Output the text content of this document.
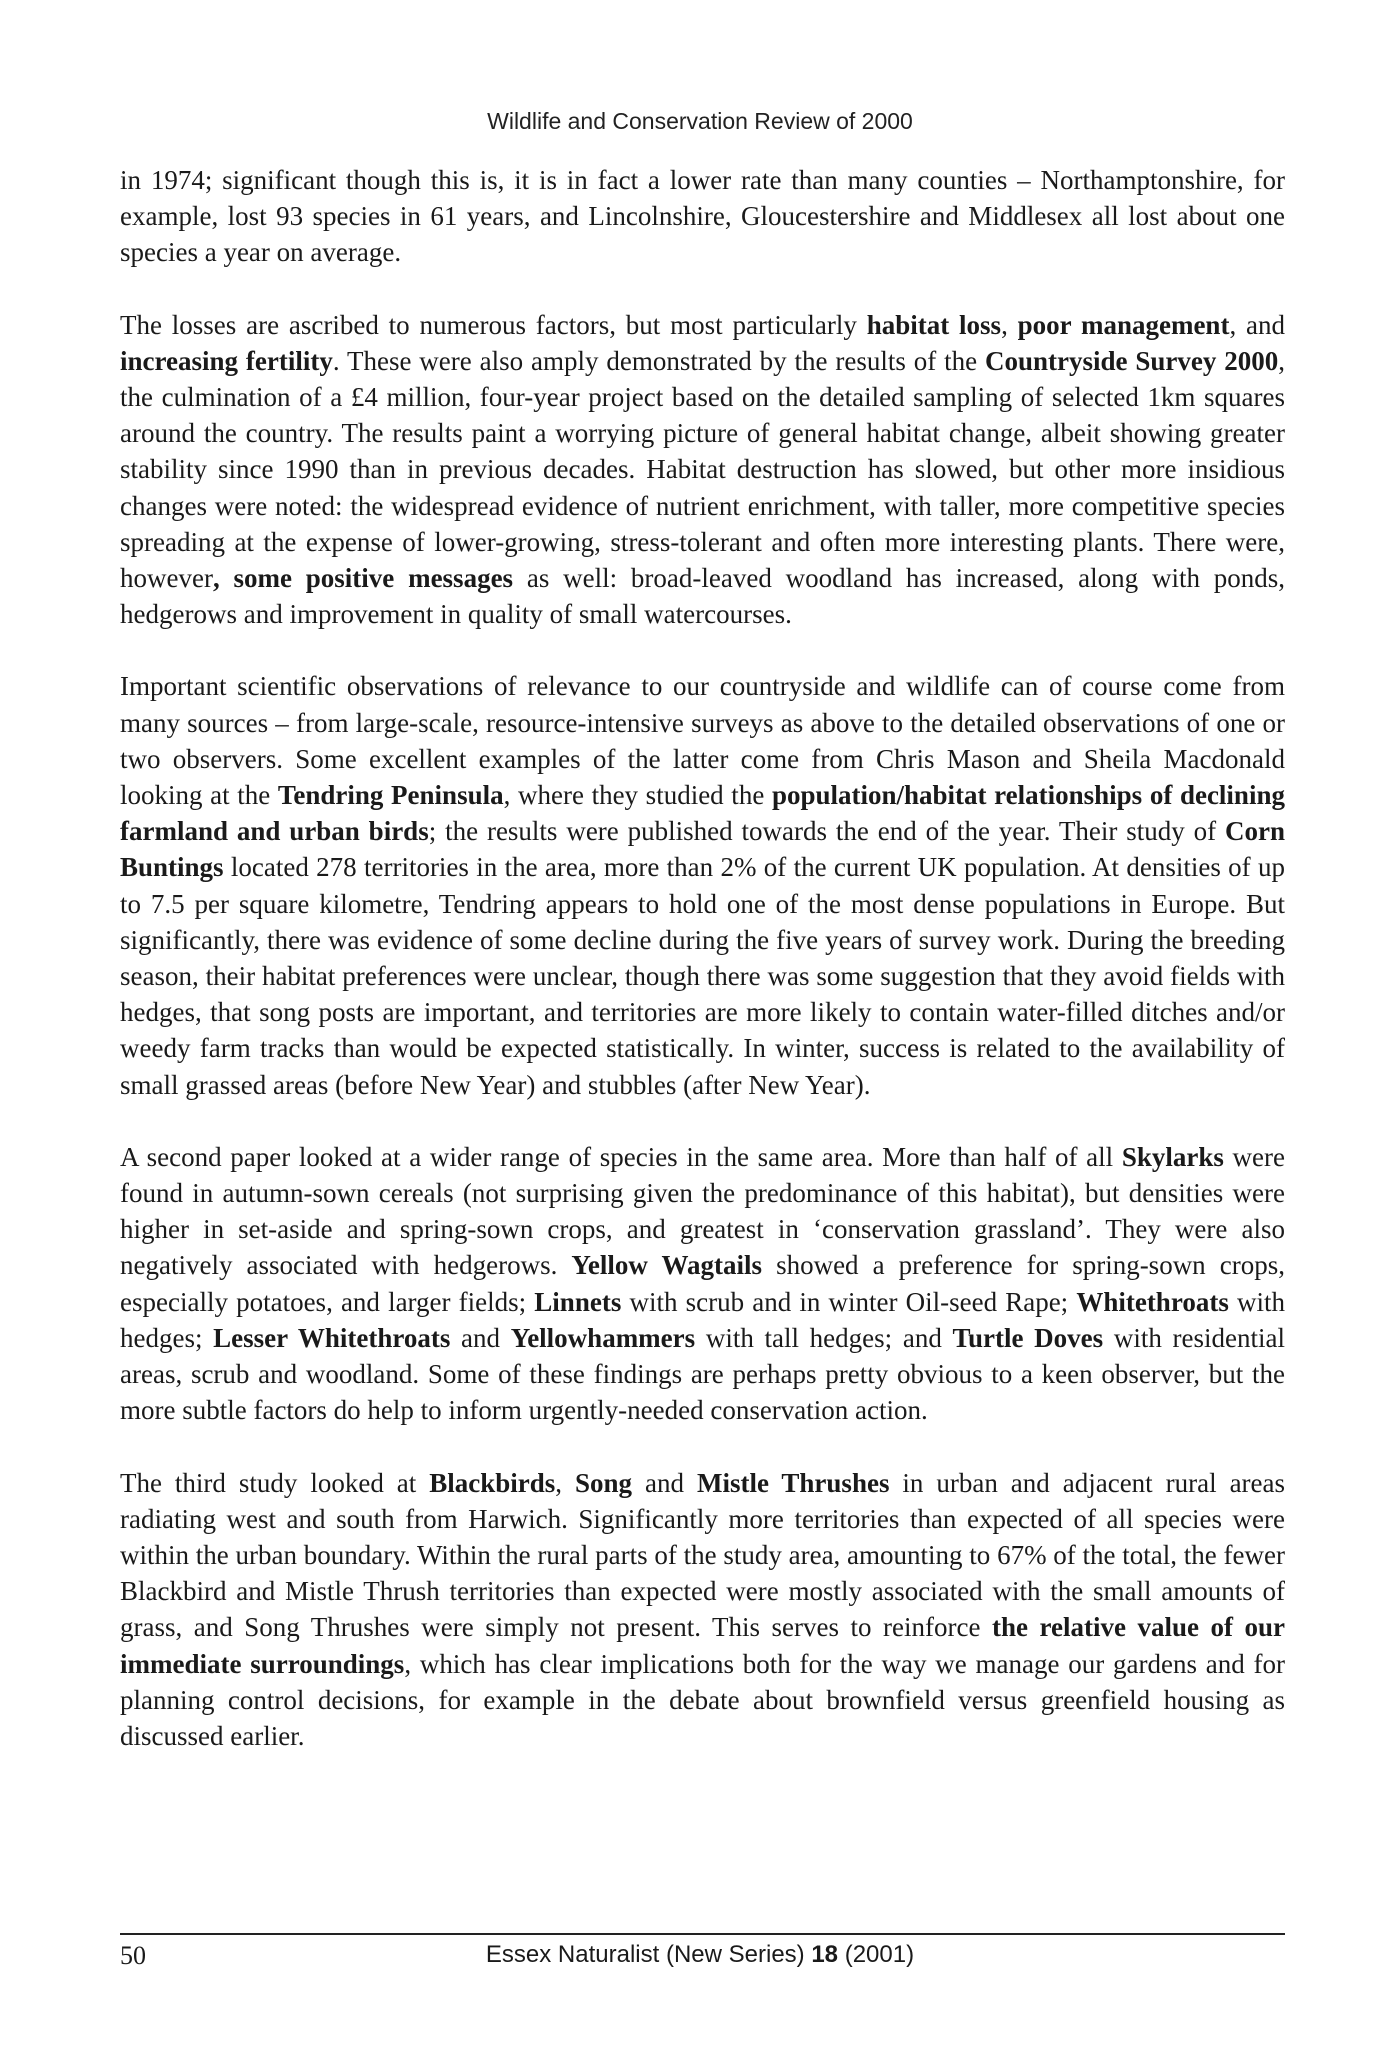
Wildlife and Conservation Review of 2000

in 1974; significant though this is, it is in fact a lower rate than many counties – Northamptonshire, for example, lost 93 species in 61 years, and Lincolnshire, Gloucestershire and Middlesex all lost about one species a year on average.

The losses are ascribed to numerous factors, but most particularly habitat loss, poor management, and increasing fertility. These were also amply demonstrated by the results of the Countryside Survey 2000, the culmination of a £4 million, four-year project based on the detailed sampling of selected 1km squares around the country. The results paint a worrying picture of general habitat change, albeit showing greater stability since 1990 than in previous decades. Habitat destruction has slowed, but other more insidious changes were noted: the widespread evidence of nutrient enrichment, with taller, more competitive species spreading at the expense of lower-growing, stress-tolerant and often more interesting plants. There were, however, some positive messages as well: broad-leaved woodland has increased, along with ponds, hedgerows and improvement in quality of small watercourses.

Important scientific observations of relevance to our countryside and wildlife can of course come from many sources – from large-scale, resource-intensive surveys as above to the detailed observations of one or two observers. Some excellent examples of the latter come from Chris Mason and Sheila Macdonald looking at the Tendring Peninsula, where they studied the population/habitat relationships of declining farmland and urban birds; the results were published towards the end of the year. Their study of Corn Buntings located 278 territories in the area, more than 2% of the current UK population. At densities of up to 7.5 per square kilometre, Tendring appears to hold one of the most dense populations in Europe. But significantly, there was evidence of some decline during the five years of survey work. During the breeding season, their habitat preferences were unclear, though there was some suggestion that they avoid fields with hedges, that song posts are important, and territories are more likely to contain water-filled ditches and/or weedy farm tracks than would be expected statistically. In winter, success is related to the availability of small grassed areas (before New Year) and stubbles (after New Year).

A second paper looked at a wider range of species in the same area. More than half of all Skylarks were found in autumn-sown cereals (not surprising given the predominance of this habitat), but densities were higher in set-aside and spring-sown crops, and greatest in ‘conservation grassland’. They were also negatively associated with hedgerows. Yellow Wagtails showed a preference for spring-sown crops, especially potatoes, and larger fields; Linnets with scrub and in winter Oil-seed Rape; Whitethroats with hedges; Lesser Whitethroats and Yellowhammers with tall hedges; and Turtle Doves with residential areas, scrub and woodland. Some of these findings are perhaps pretty obvious to a keen observer, but the more subtle factors do help to inform urgently-needed conservation action.

The third study looked at Blackbirds, Song and Mistle Thrushes in urban and adjacent rural areas radiating west and south from Harwich. Significantly more territories than expected of all species were within the urban boundary. Within the rural parts of the study area, amounting to 67% of the total, the fewer Blackbird and Mistle Thrush territories than expected were mostly associated with the small amounts of grass, and Song Thrushes were simply not present. This serves to reinforce the relative value of our immediate surroundings, which has clear implications both for the way we manage our gardens and for planning control decisions, for example in the debate about brownfield versus greenfield housing as discussed earlier.

50	Essex Naturalist (New Series) 18 (2001)
